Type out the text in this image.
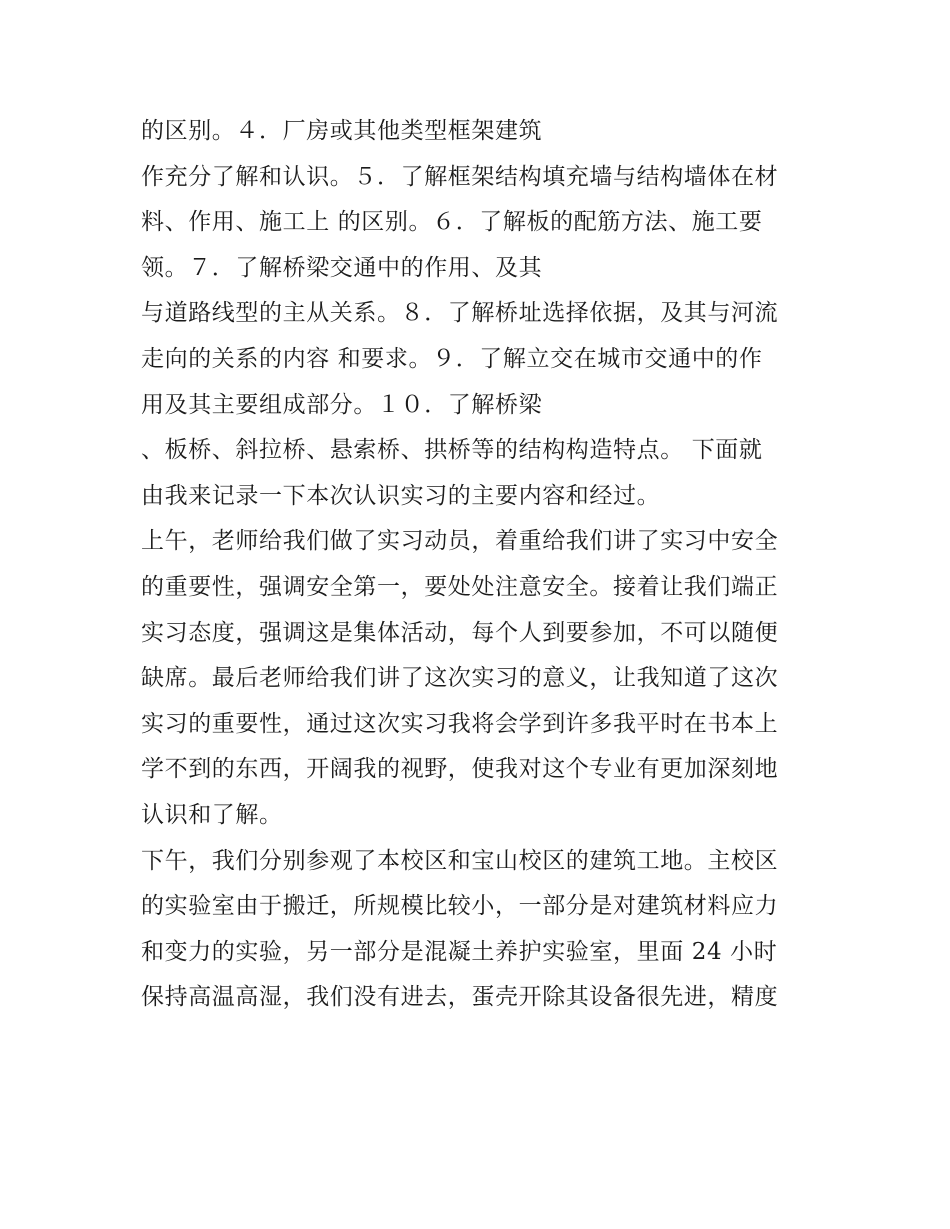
的区别。４．厂房或其他类型框架建筑
作充分了解和认识。５．了解框架结构填充墙与结构墙体在材
料、作用、施工上 的区别。６．了解板的配筋方法、施工要
领。７．了解桥梁交通中的作用、及其
与道路线型的主从关系。８．了解桥址选择依据，及其与河流
走向的关系的内容 和要求。９．了解立交在城市交通中的作
用及其主要组成部分。１０．了解桥梁
、板桥、斜拉桥、悬索桥、拱桥等的结构构造特点。 下面就
由我来记录一下本次认识实习的主要内容和经过。
上午，老师给我们做了实习动员，着重给我们讲了实习中安全
的重要性，强调安全第一，要处处注意安全。接着让我们端正
实习态度，强调这是集体活动，每个人到要参加，不可以随便
缺席。最后老师给我们讲了这次实习的意义，让我知道了这次
实习的重要性，通过这次实习我将会学到许多我平时在书本上
学不到的东西，开阔我的视野，使我对这个专业有更加深刻地
认识和了解。
下午，我们分别参观了本校区和宝山校区的建筑工地。主校区
的实验室由于搬迁，所规模比较小，一部分是对建筑材料应力
和变力的实验，另一部分是混凝土养护实验室，里面 24 小时
保持高温高湿，我们没有进去，蛋壳开除其设备很先进，精度
